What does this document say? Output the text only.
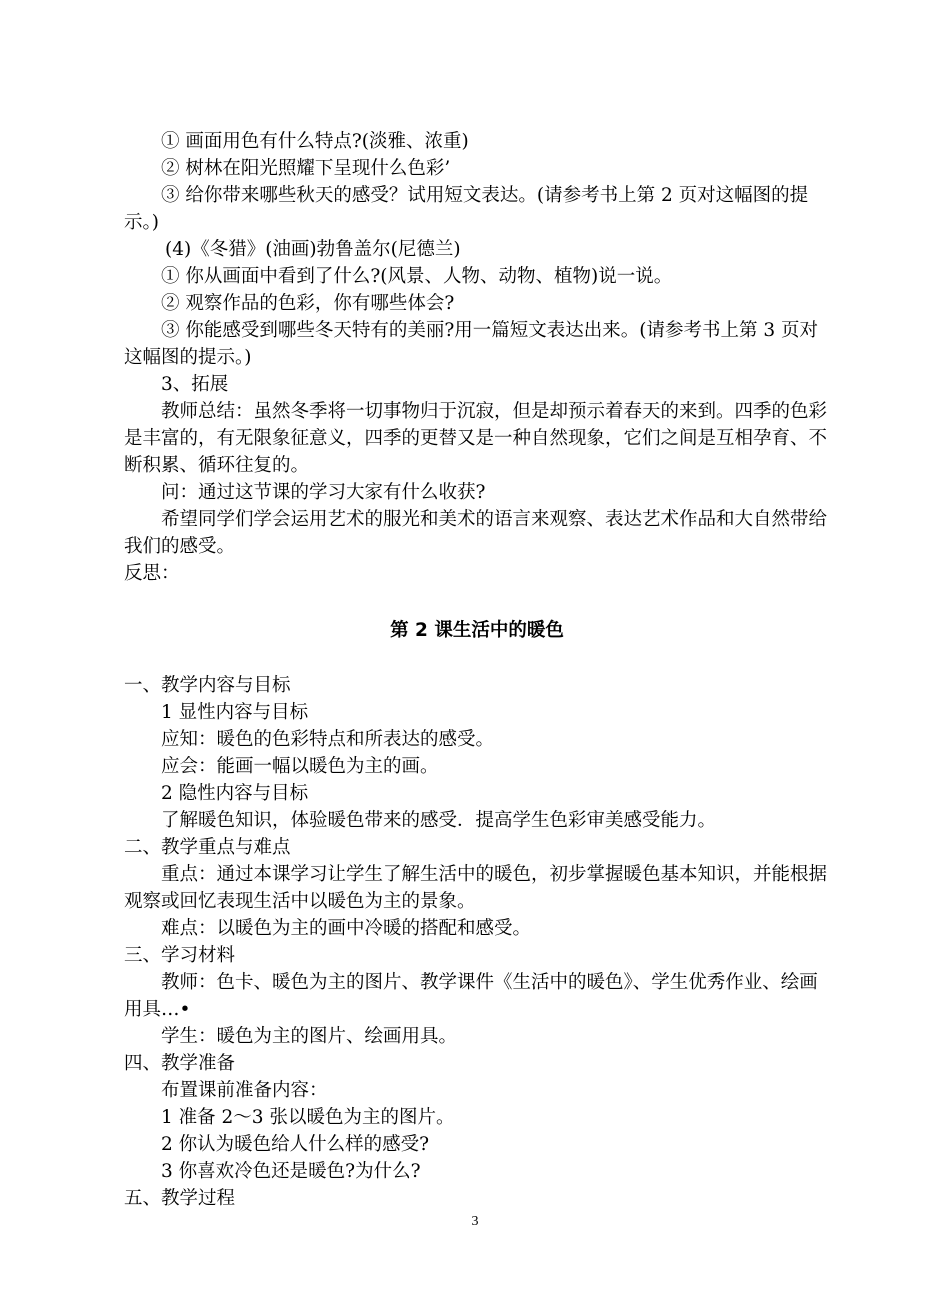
① 画面用色有什么特点?(淡雅、浓重)
② 树林在阳光照耀下呈现什么色彩’
③ 给你带来哪些秋天的感受？试用短文表达。(请参考书上第 2 页对这幅图的提示。)
(4)《冬猎》(油画)勃鲁盖尔(尼德兰)
① 你从画面中看到了什么?(风景、人物、动物、植物)说一说。
② 观察作品的色彩，你有哪些体会?
③ 你能感受到哪些冬天特有的美丽?用一篇短文表达出来。(请参考书上第 3 页对这幅图的提示。)
3、拓展
教师总结：虽然冬季将一切事物归于沉寂，但是却预示着春天的来到。四季的色彩是丰富的，有无限象征意义，四季的更替又是一种自然现象，它们之间是互相孕育、不断积累、循环往复的。
问：通过这节课的学习大家有什么收获?
希望同学们学会运用艺术的服光和美术的语言来观察、表达艺术作品和大自然带给我们的感受。
反思：
第 2 课生活中的暖色
一、教学内容与目标
1 显性内容与目标
应知：暖色的色彩特点和所表达的感受。
应会：能画一幅以暖色为主的画。
2 隐性内容与目标
了解暖色知识，体验暖色带来的感受．提高学生色彩审美感受能力。
二、教学重点与难点
重点：通过本课学习让学生了解生活中的暖色，初步掌握暖色基本知识，并能根据观察或回忆表现生活中以暖色为主的景象。
难点：以暖色为主的画中冷暖的搭配和感受。
三、学习材料
教师：色卡、暖色为主的图片、教学课件《生活中的暖色》、学生优秀作业、绘画用具…•
学生：暖色为主的图片、绘画用具。
四、教学准备
布置课前准备内容：
1 准备 2～3 张以暖色为主的图片。
2 你认为暖色给人什么样的感受?
3 你喜欢冷色还是暖色?为什么?
五、教学过程
3
